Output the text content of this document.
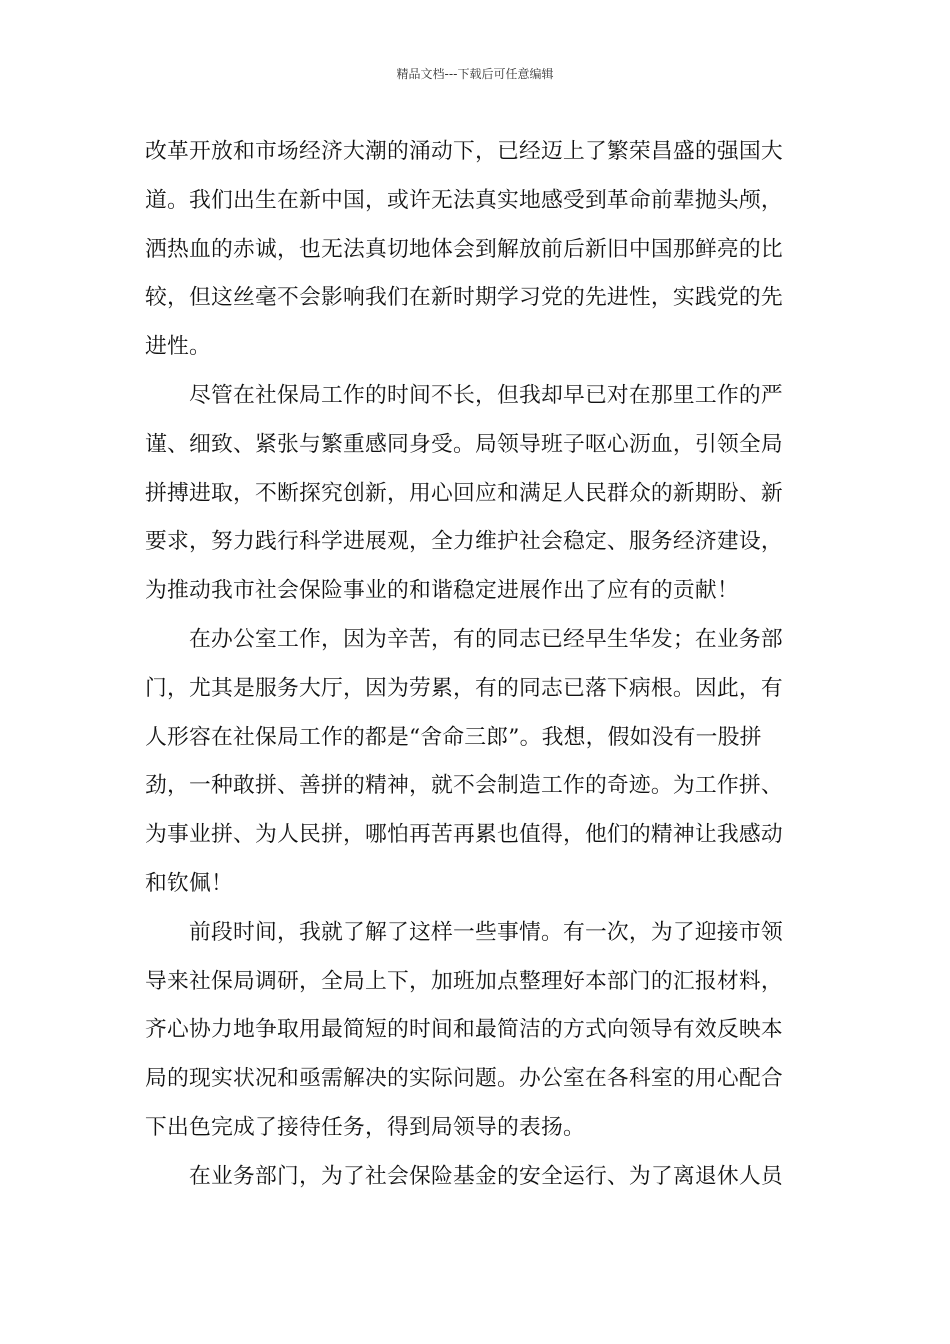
精品文档---下载后可任意编辑
改革开放和市场经济大潮的涌动下，已经迈上了繁荣昌盛的强国大
道。我们出生在新中国，或许无法真实地感受到革命前辈抛头颅，
洒热血的赤诚，也无法真切地体会到解放前后新旧中国那鲜亮的比
较，但这丝毫不会影响我们在新时期学习党的先进性，实践党的先
进性。
　　尽管在社保局工作的时间不长，但我却早已对在那里工作的严
谨、细致、紧张与繁重感同身受。局领导班子呕心沥血，引领全局
拼搏进取，不断探究创新，用心回应和满足人民群众的新期盼、新
要求，努力践行科学进展观，全力维护社会稳定、服务经济建设，
为推动我市社会保险事业的和谐稳定进展作出了应有的贡献！
　　在办公室工作，因为辛苦，有的同志已经早生华发；在业务部
门，尤其是服务大厅，因为劳累，有的同志已落下病根。因此，有
人形容在社保局工作的都是“舍命三郎”。我想，假如没有一股拼
劲，一种敢拼、善拼的精神，就不会制造工作的奇迹。为工作拼、
为事业拼、为人民拼，哪怕再苦再累也值得，他们的精神让我感动
和钦佩！
　　前段时间，我就了解了这样一些事情。有一次，为了迎接市领
导来社保局调研，全局上下，加班加点整理好本部门的汇报材料，
齐心协力地争取用最简短的时间和最简洁的方式向领导有效反映本
局的现实状况和亟需解决的实际问题。办公室在各科室的用心配合
下出色完成了接待任务，得到局领导的表扬。
　　在业务部门，为了社会保险基金的安全运行、为了离退休人员
